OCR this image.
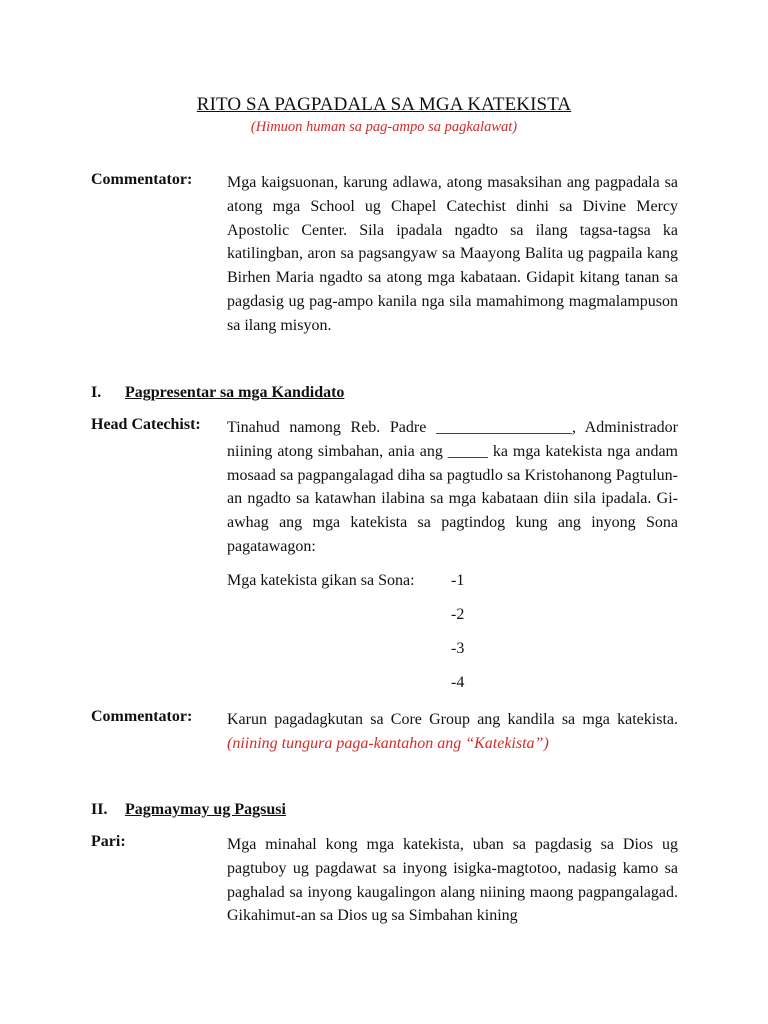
RITO SA PAGPADALA SA MGA KATEKISTA
(Himuon human sa pag-ampo sa pagkalawat)
Commentator: Mga kaigsuonan, karung adlawa, atong masaksihan ang pagpadala sa atong mga School ug Chapel Catechist dinhi sa Divine Mercy Apostolic Center. Sila ipadala ngadto sa ilang tagsa-tagsa ka katilingban, aron sa pagsangyaw sa Maayong Balita ug pagpaila kang Birhen Maria ngadto sa atong mga kabataan. Gidapit kitang tanan sa pagdasig ug pag-ampo kanila nga sila mamahimong magmalampuson sa ilang misyon.
I. Pagpresentar sa mga Kandidato
Head Catechist: Tinahud namong Reb. Padre _________________, Administrador niining atong simbahan, ania ang _____ ka mga katekista nga andam mosaad sa pagpangalagad diha sa pagtudlo sa Kristohanong Pagtulun-an ngadto sa katawhan ilabina sa mga kabataan diin sila ipadala. Gi-awhag ang mga katekista sa pagtindog kung ang inyong Sona pagatawagon:
Mga katekista gikan sa Sona: -1
-2
-3
-4
Commentator: Karun pagadagkutan sa Core Group ang kandila sa mga katekista. (niining tungura paga-kantahon ang “Katekista”)
II. Pagmaymay ug Pagsusi
Pari:	Mga minahal kong mga katekista, uban sa pagdasig sa Dios ug pagtuboy ug pagdawat sa inyong isigka-magtotoo, nadasig kamo sa paghalad sa inyong kaugalingon alang niining maong pagpangalagad. Gikahimut-an sa Dios ug sa Simbahan kining
